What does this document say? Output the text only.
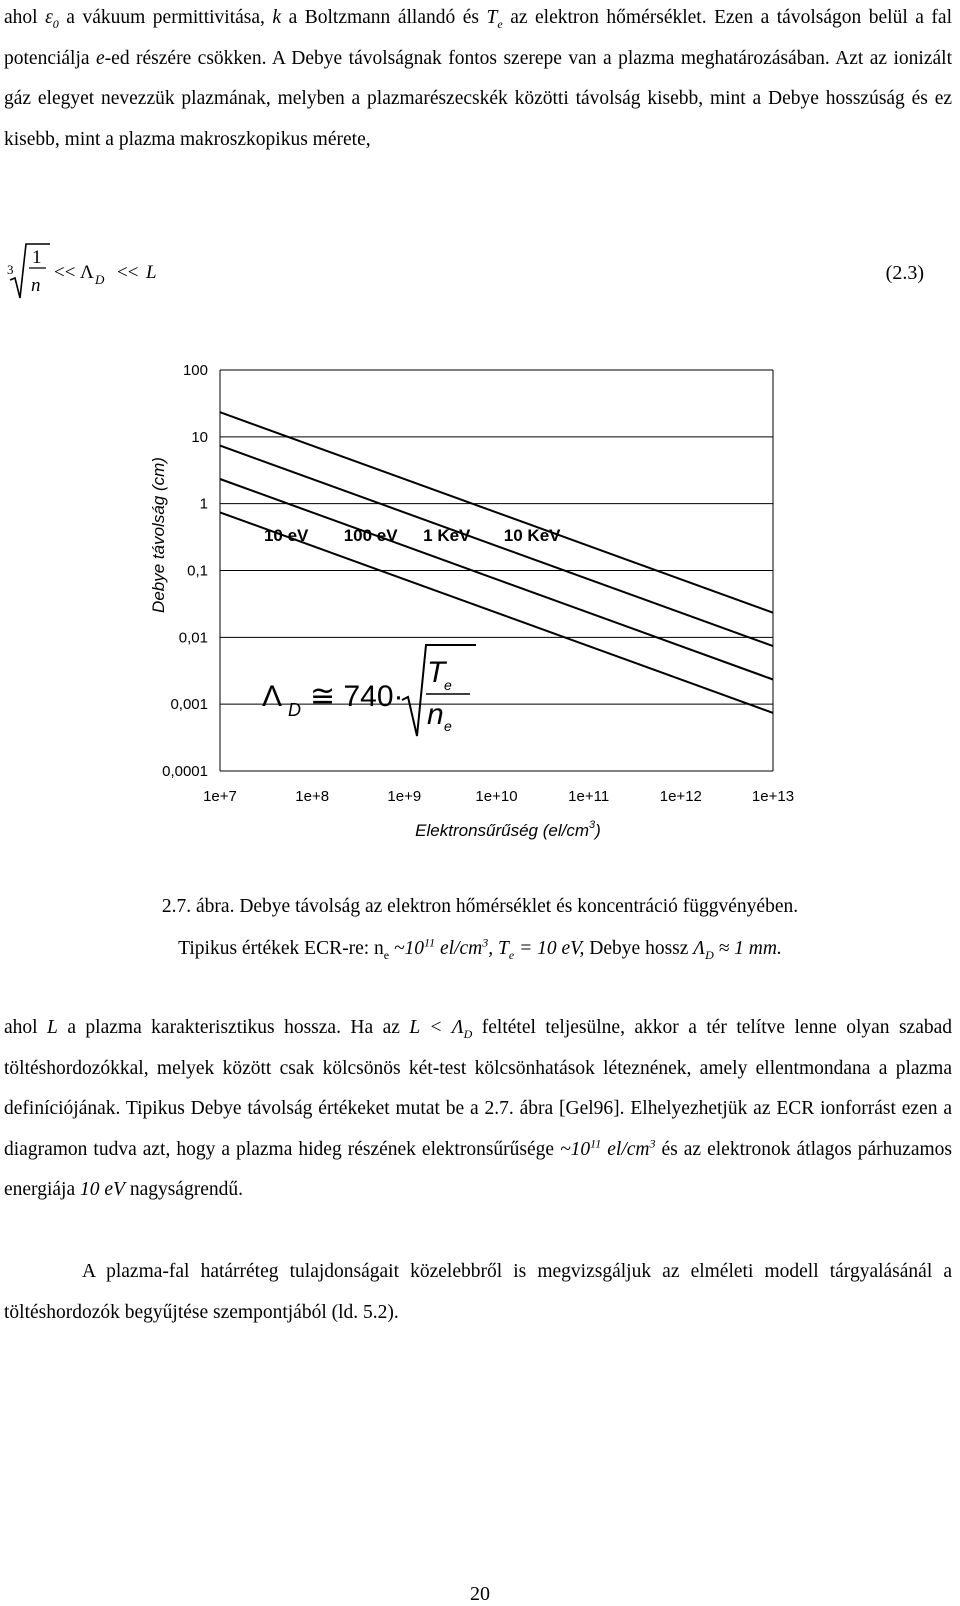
ahol $\varepsilon_0$ a vákuum permittivitása, k a Boltzmann állandó és $T_e$ az elektron hőmérséklet. Ezen a távolságon belül a fal potenciálja e-ed részére csökken. A Debye távolságnak fontos szerepe van a plazma meghatározásában. Azt az ionizált gáz elegyet nevezzük plazmának, melyben a plazmarészecskék közötti távolság kisebb, mint a Debye hosszúság és ez kisebb, mint a plazma makroszkopikus mérete,

3
1
n
<< Λ D << L	(2.3)
100
10
1
0,1
0,01
0,001
0,0001
1e+7	1e+8	1e+9	1e+10	1e+11	1e+12	1e+13
10 eV 100 eV 1 KeV 10 KeV
Debye távolság (cm)
Elektronsűrűség $(el/cm^3)$
Λ D ≅ 740·
T
e
n e
2.7. ábra. Debye távolság az elektron hőmérséklet és koncentráció függvényében.
Tipikus értékek ECR-re: $n_e$ $\sim 10^{11}$ $el/cm^3$, $T_e = 10$ eV, Debye hossz $\Lambda_D \approx 1$ mm.

ahol L a plazma karakterisztikus hossza. Ha az $L < \Lambda_D$ feltétel teljesülne, akkor a tér telítve lenne olyan szabad töltéshordozókkal, melyek között csak kölcsönös két-test kölcsönhatások léteznének, amely ellentmondana a plazma definíciójának. Tipikus Debye távolság értékeket mutat be a 2.7. ábra [Gel96]. Elhelyezhetjük az ECR ionforrást ezen a diagramon tudva azt, hogy a plazma hideg részének elektronsűrűsége $\sim 10^{11}$ $el/cm^3$ és az elektronok átlagos párhuzamos energiája 10 eV nagyságrendű.

A plazma-fal határréteg tulajdonságait közelebbről is megvizsgáljuk az elméleti modell tárgyalásánál a töltéshordozók begyűjtése szempontjából (ld. 5.2).

20
